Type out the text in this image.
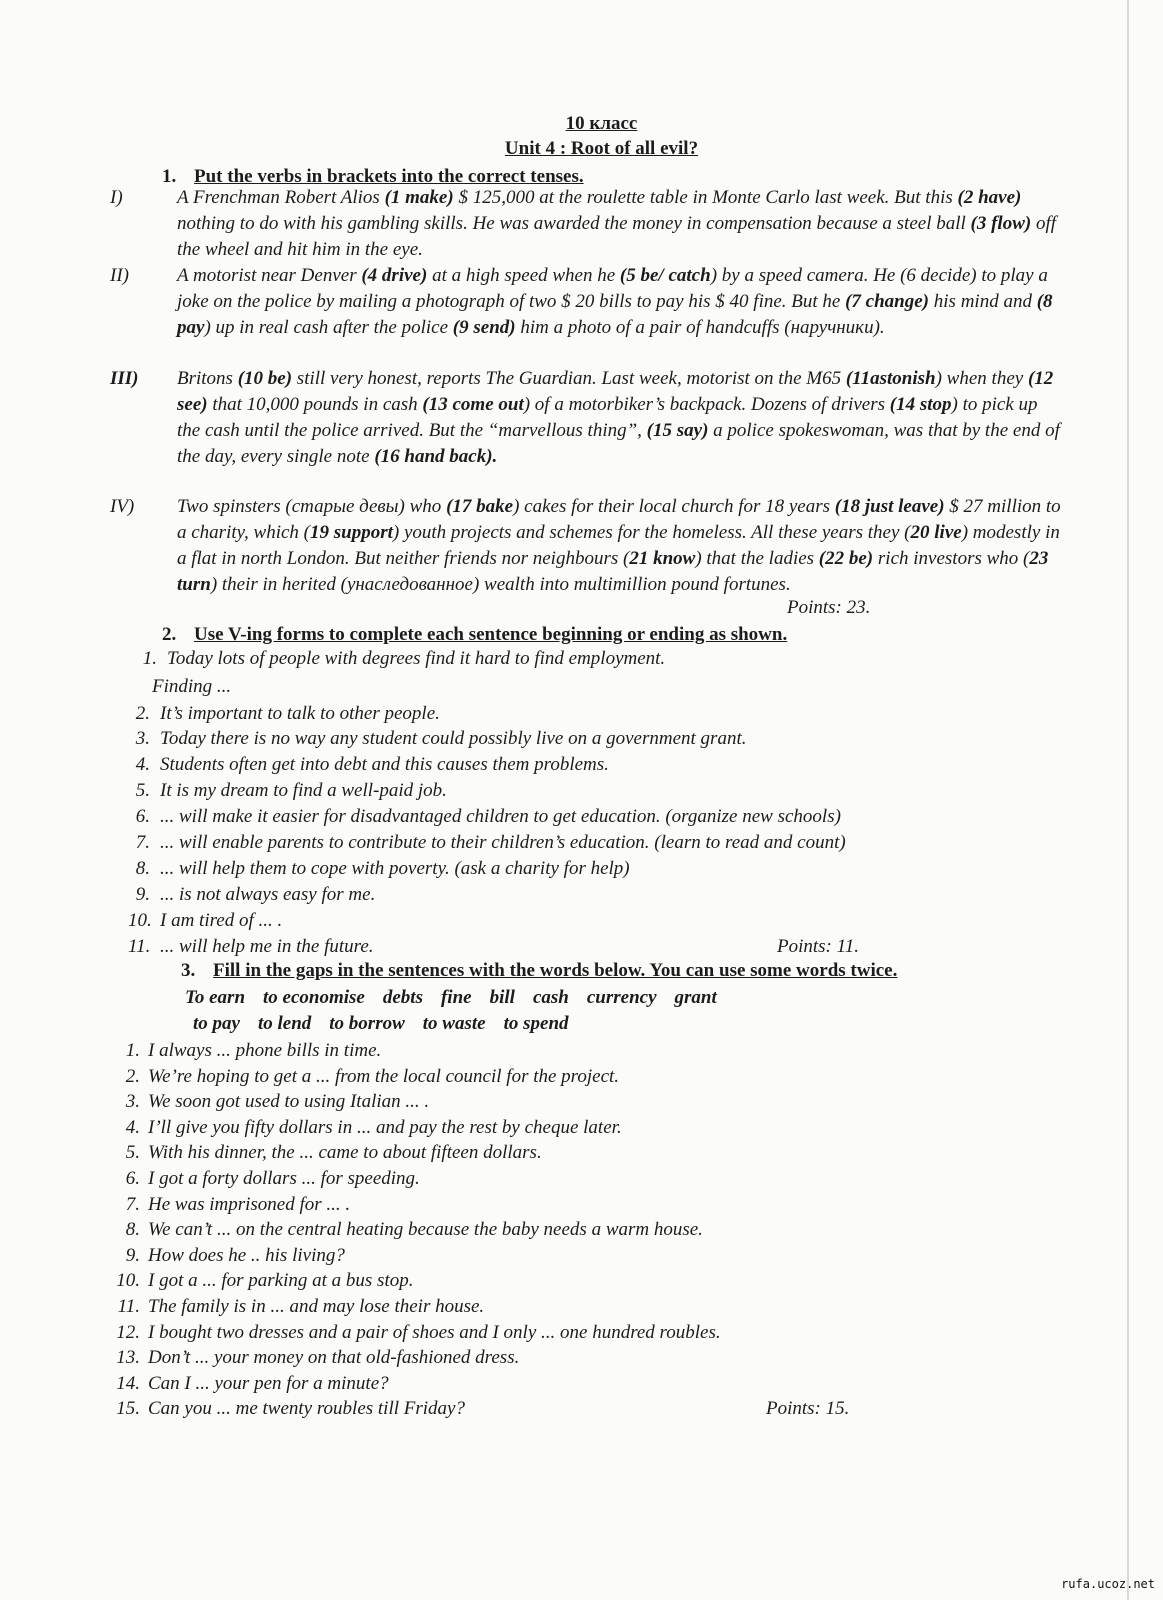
10 класс
Unit 4 : Root of all evil?
1. Put the verbs in brackets into the correct tenses.
I)	A Frenchman Robert Alios (1 make) $ 125,000 at the roulette table in Monte Carlo last week. But this (2 have) nothing to do with his gambling skills. He was awarded the money in compensation because a steel ball (3 flow) off the wheel and hit him in the eye.
II)	A motorist near Denver (4 drive) at a high speed when he (5 be/ catch) by a speed camera. He (6 decide) to play a joke on the police by mailing a photograph of two $ 20 bills to pay his $ 40 fine. But he (7 change) his mind and (8 pay) up in real cash after the police (9 send) him a photo of a pair of handcuffs (наручники).
III) Britons (10 be) still very honest, reports The Guardian. Last week, motorist on the M65 (11astonish) when they (12 see) that 10,000 pounds in cash (13 come out) of a motorbiker’s backpack. Dozens of drivers (14 stop) to pick up the cash until the police arrived. But the “marvellous thing”, (15 say) a police spokeswoman, was that by the end of the day, every single note (16 hand back).
IV) Two spinsters (старые девы) who (17 bake) cakes for their local church for 18 years (18 just leave) $ 27 million to a charity, which (19 support) youth projects and schemes for the homeless. All these years they (20 live) modestly in a flat in north London. But neither friends nor neighbours (21 know) that the ladies (22 be) rich investors who (23 turn) their in herited (унаследованное) wealth into multimillion pound fortunes.
Points: 23.
2. Use V-ing forms to complete each sentence beginning or ending as shown.
1. Today lots of people with degrees find it hard to find employment.
Finding ...
2. It’s important to talk to other people.
3. Today there is no way any student could possibly live on a government grant.
4. Students often get into debt and this causes them problems.
5. It is my dream to find a well-paid job.
6. ... will make it easier for disadvantaged children to get education. (organize new schools)
7. ... will enable parents to contribute to their children’s education. (learn to read and count)
8. ... will help them to cope with poverty. (ask a charity for help)
9. ... is not always easy for me.
10. I am tired of ... .
11. ... will help me in the future.	Points: 11.
3. Fill in the gaps in the sentences with the words below. You can use some words twice.
To earn to economise debts fine bill cash currency grant
to pay to lend to borrow to waste to spend
1. I always ... phone bills in time.
2. We’re hoping to get a ... from the local council for the project.
3. We soon got used to using Italian ... .
4. I’ll give you fifty dollars in ... and pay the rest by cheque later.
5. With his dinner, the ... came to about fifteen dollars.
6. I got a forty dollars ... for speeding.
7. He was imprisoned for ... .
8. We can’t ... on the central heating because the baby needs a warm house.
9. How does he .. his living?
10. I got a ... for parking at a bus stop.
11. The family is in ... and may lose their house.
12. I bought two dresses and a pair of shoes and I only ... one hundred roubles.
13. Don’t ... your money on that old-fashioned dress.
14. Can I ... your pen for a minute?
15. Can you ... me twenty roubles till Friday?	Points: 15.
rufa.ucoz.net
